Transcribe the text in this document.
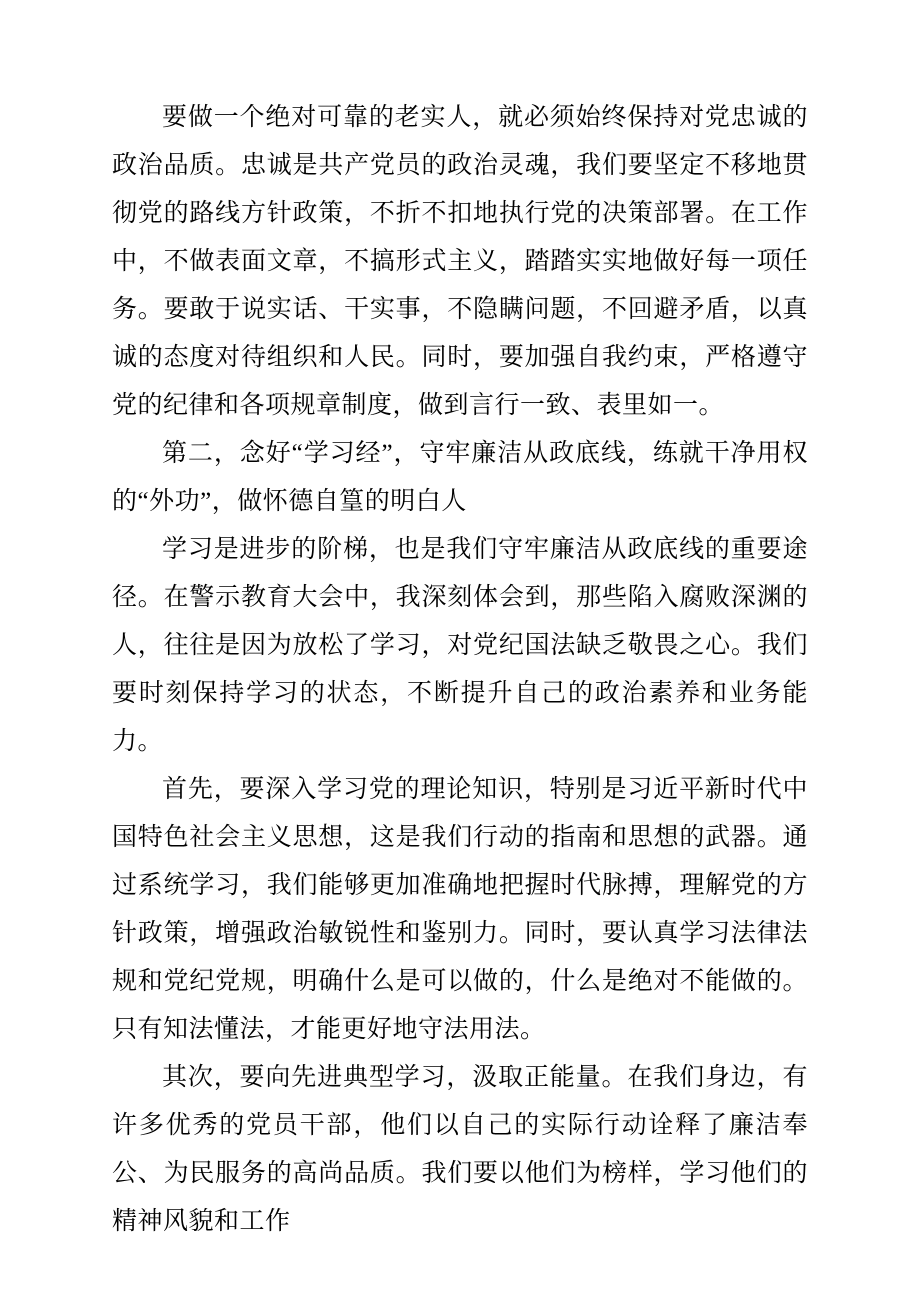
要做一个绝对可靠的老实人，就必须始终保持对党忠诚的政治品质。忠诚是共产党员的政治灵魂，我们要坚定不移地贯彻党的路线方针政策，不折不扣地执行党的决策部署。在工作中，不做表面文章，不搞形式主义，踏踏实实地做好每一项任务。要敢于说实话、干实事，不隐瞒问题，不回避矛盾，以真诚的态度对待组织和人民。同时，要加强自我约束，严格遵守党的纪律和各项规章制度，做到言行一致、表里如一。

第二，念好“学习经”，守牢廉洁从政底线，练就干净用权的“外功”，做怀德自篁的明白人

学习是进步的阶梯，也是我们守牢廉洁从政底线的重要途径。在警示教育大会中，我深刻体会到，那些陷入腐败深渊的人，往往是因为放松了学习，对党纪国法缺乏敬畏之心。我们要时刻保持学习的状态，不断提升自己的政治素养和业务能力。

首先，要深入学习党的理论知识，特别是习近平新时代中国特色社会主义思想，这是我们行动的指南和思想的武器。通过系统学习，我们能够更加准确地把握时代脉搏，理解党的方针政策，增强政治敏锐性和鉴别力。同时，要认真学习法律法规和党纪党规，明确什么是可以做的，什么是绝对不能做的。只有知法懂法，才能更好地守法用法。

其次，要向先进典型学习，汲取正能量。在我们身边，有许多优秀的党员干部，他们以自己的实际行动诠释了廉洁奉公、为民服务的高尚品质。我们要以他们为榜样，学习他们的精神风貌和工作
